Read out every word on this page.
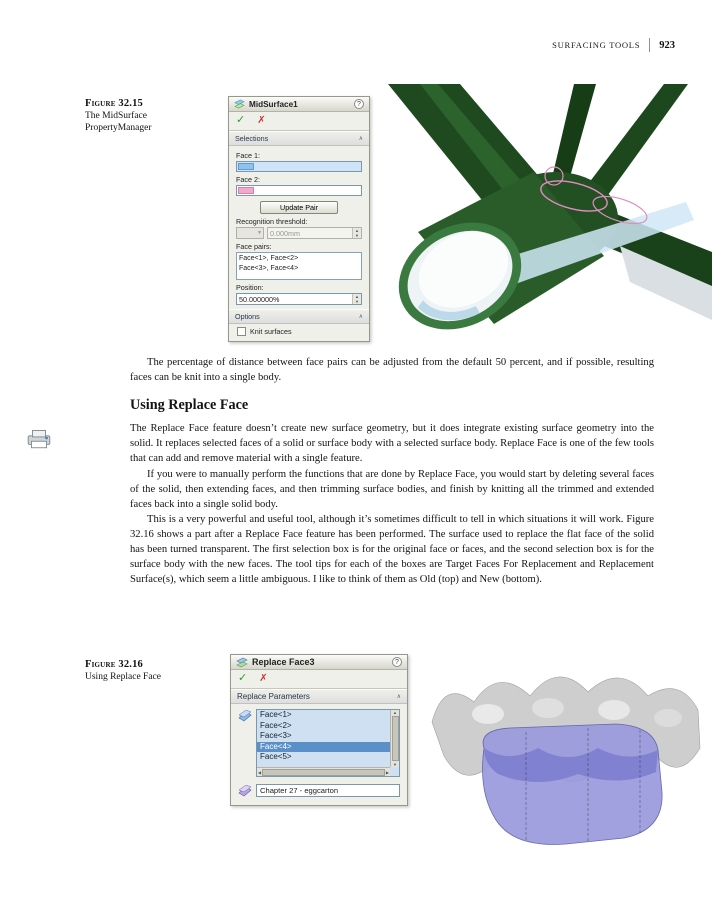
SURFACING TOOLS 923
Figure 32.15
The MidSurface PropertyManager
MidSurface1	?
✓ ✗
Selections	∧
Face 1:
Face 2:
Update Pair
Recognition threshold:
▼ 0.000mm	▲
▼
Face pairs:
Face<1>, Face<2>
Face<3>, Face<4>
Position:
50.000000%	▲
▼
Options	∧
Knit surfaces

The percentage of distance between face pairs can be adjusted from the default 50 percent, and if possible, resulting faces can be knit into a single body.

Using Replace Face

The Replace Face feature doesn’t create new surface geometry, but it does integrate existing surface geometry into the solid. It replaces selected faces of a solid or surface body with a selected surface body. Replace Face is one of the few tools that can add and remove material with a single feature.

If you were to manually perform the functions that are done by Replace Face, you would start by deleting several faces of the solid, then extending faces, and then trimming surface bodies, and finish by knitting all the trimmed and extended faces back into a single solid body.

This is a very powerful and useful tool, although it’s sometimes difficult to tell in which situations it will work. Figure 32.16 shows a part after a Replace Face feature has been performed. The surface used to replace the flat face of the solid has been turned transparent. The first selection box is for the original face or faces, and the second selection box is for the surface body with the new faces. The tool tips for each of the boxes are Target Faces For Replacement and Replacement Surface(s), which seem a little ambiguous. I like to think of them as Old (top) and New (bottom).

Figure 32.16
Using Replace Face
Replace Face3	?
✓ ✗
Replace Parameters	∧
Face<1>
Face<2>
Face<3>
Face<4>
Face<5>
▲
▼
◀	▶
Chapter 27 - eggcarton
